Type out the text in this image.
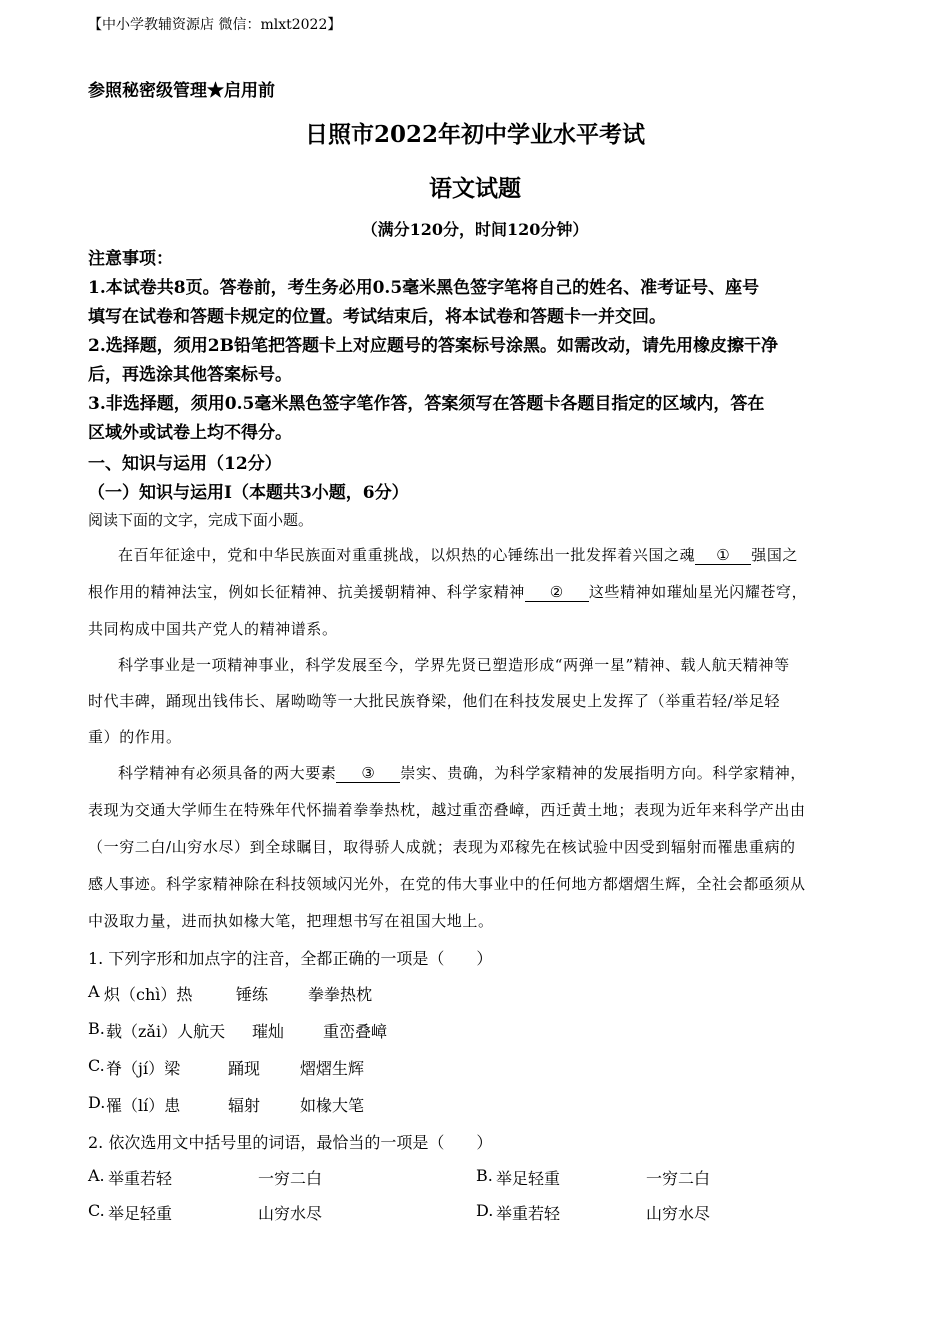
【中小学教辅资源店 微信：mlxt2022】
参照秘密级管理★启用前
日照市2022年初中学业水平考试
语文试题
（满分120分，时间120分钟）
注意事项：
1.本试卷共8页。答卷前，考生务必用0.5毫米黑色签字笔将自己的姓名、准考证号、座号
填写在试卷和答题卡规定的位置。考试结束后，将本试卷和答题卡一并交回。
2.选择题，须用2B铅笔把答题卡上对应题号的答案标号涂黑。如需改动，请先用橡皮擦干净
后，再选涂其他答案标号。
3.非选择题，须用0.5毫米黑色签字笔作答，答案须写在答题卡各题目指定的区域内，答在
区域外或试卷上均不得分。
一、知识与运用（12分）
（一）知识与运用Ⅰ（本题共3小题，6分）
阅读下面的文字，完成下面小题。
在百年征途中，党和中华民族面对重重挑战，以炽热的心锤练出一批发挥着兴国之魂 ① 强国之
根作用的精神法宝，例如长征精神、抗美援朝精神、科学家精神 ② 这些精神如璀灿星光闪耀苍穹，
共同构成中国共产党人的精神谱系。
科学事业是一项精神事业，科学发展至今，学界先贤已塑造形成“两弹一星”精神、载人航天精神等
时代丰碑，踊现出钱伟长、屠呦呦等一大批民族脊梁，他们在科技发展史上发挥了（举重若轻/举足轻
重）的作用。
科学精神有必须具备的两大要素 ③ 崇实、贵确，为科学家精神的发展指明方向。科学家精神，
表现为交通大学师生在特殊年代怀揣着拳拳热枕，越过重峦叠嶂，西迁黄土地；表现为近年来科学产出由
（一穷二白/山穷水尽）到全球瞩目，取得骄人成就；表现为邓稼先在核试验中因受到辐射而罹患重病的
感人事迹。科学家精神除在科技领域闪光外，在党的伟大事业中的任何地方都熠熠生辉，全社会都亟须从
中汲取力量，进而执如椽大笔，把理想书写在祖国大地上。
1. 下列字形和加点字的注音，全都正确的一项是（　　）
A 炽（chì）热	锤练 拳拳热枕
B. 载（zǎi）人航天 璀灿 重峦叠嶂
C. 脊（jí）梁	踊现 熠熠生辉
D. 罹（lí）患	辐射 如椽大笔
2. 依次选用文中括号里的词语，最恰当的一项是（　　）
A. 举重若轻	一穷二白	B. 举足轻重	一穷二白
C. 举足轻重	山穷水尽	D. 举重若轻	山穷水尽
